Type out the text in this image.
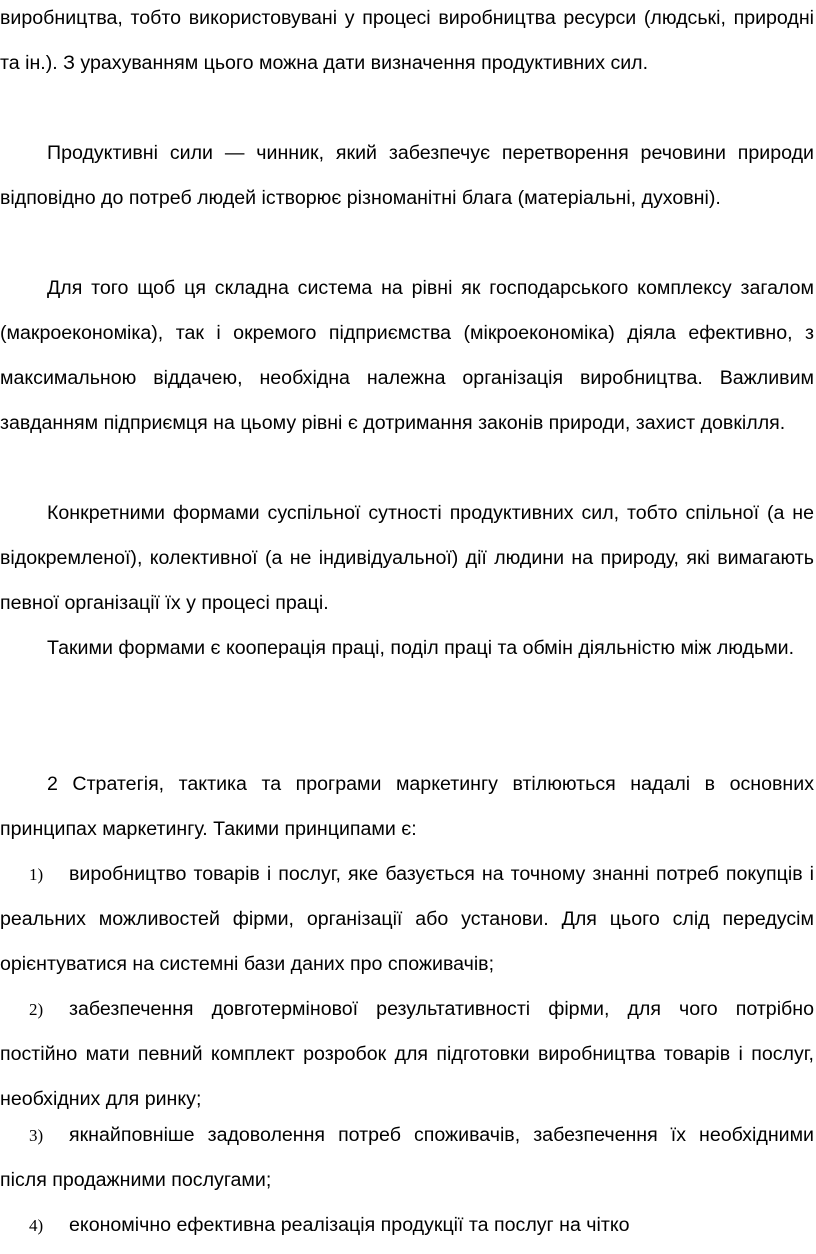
виробництва, тобто використовувані у процесі виробництва ресурси (людські, природні та ін.). З урахуванням цього можна дати визначення продуктивних сил.

Продуктивні сили — чинник, який забезпечує перетворення речовини природи відповідно до потреб людей іcтворює різноманітні блага (матеріальні, духовні).

Для того щоб ця складна система на рівні як господарського комплексу загалом (макроекономіка), так і окремого підприємства (мікроекономіка) діяла ефективно, з максимальною віддачею, необхідна належна організація виробництва. Важливим завданням підприємця на цьому рівні є дотримання законів природи, захист довкілля.

Конкретними формами суспільної сутності продуктивних сил, тобто спільної (а не відокремленої), колективної (а не індивідуальної) дії людини на природу, які вимагають певної організації їх у процесі праці.

Такими формами є кооперація праці, поділ праці та обмін діяльністю між людьми.

2 Стратегія, тактика та програми маркетингу втілюються надалі в основних принципах маркетингу. Такими принципами є:

1) виробництво товарів і послуг, яке базується на точному знанні потреб покупців і реальних можливостей фірми, організації або установи. Для цього слід передусім орієнтуватися на системні бази даних про споживачів;

2) забезпечення довготермінової результативності фірми, для чого потрібно постійно мати певний комплект розробок для підготовки виробництва товарів і послуг, необхідних для ринку;

3) якнайповніше задоволення потреб споживачів, забезпечення їх необхідними після продажними послугами;

4) економічно ефективна реалізація продукції та послуг на чітко
